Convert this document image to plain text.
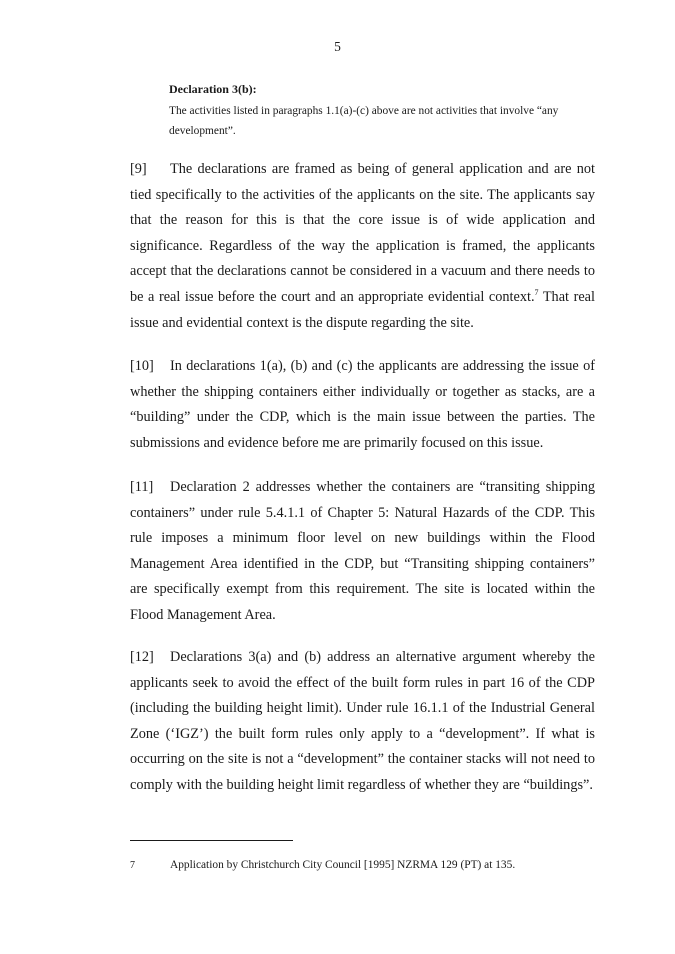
5

Declaration 3(b):

The activities listed in paragraphs 1.1(a)-(c) above are not activities that involve “any development”.

[9] The declarations are framed as being of general application and are not tied specifically to the activities of the applicants on the site. The applicants say that the reason for this is that the core issue is of wide application and significance. Regardless of the way the application is framed, the applicants accept that the declarations cannot be considered in a vacuum and there needs to be a real issue before the court and an appropriate evidential context.$^7$ That real issue and evidential context is the dispute regarding the site.

[10] In declarations 1(a), (b) and (c) the applicants are addressing the issue of whether the shipping containers either individually or together as stacks, are a “building” under the CDP, which is the main issue between the parties. The submissions and evidence before me are primarily focused on this issue.

[11] Declaration 2 addresses whether the containers are “transiting shipping containers” under rule 5.4.1.1 of Chapter 5: Natural Hazards of the CDP. This rule imposes a minimum floor level on new buildings within the Flood Management Area identified in the CDP, but “Transiting shipping containers” are specifically exempt from this requirement. The site is located within the Flood Management Area.

[12] Declarations 3(a) and (b) address an alternative argument whereby the applicants seek to avoid the effect of the built form rules in part 16 of the CDP (including the building height limit). Under rule 16.1.1 of the Industrial General Zone (‘IGZ’) the built form rules only apply to a “development”. If what is occurring on the site is not a “development” the container stacks will not need to comply with the building height limit regardless of whether they are “buildings”.

7	Application by Christchurch City Council [1995] NZRMA 129 (PT) at 135.
